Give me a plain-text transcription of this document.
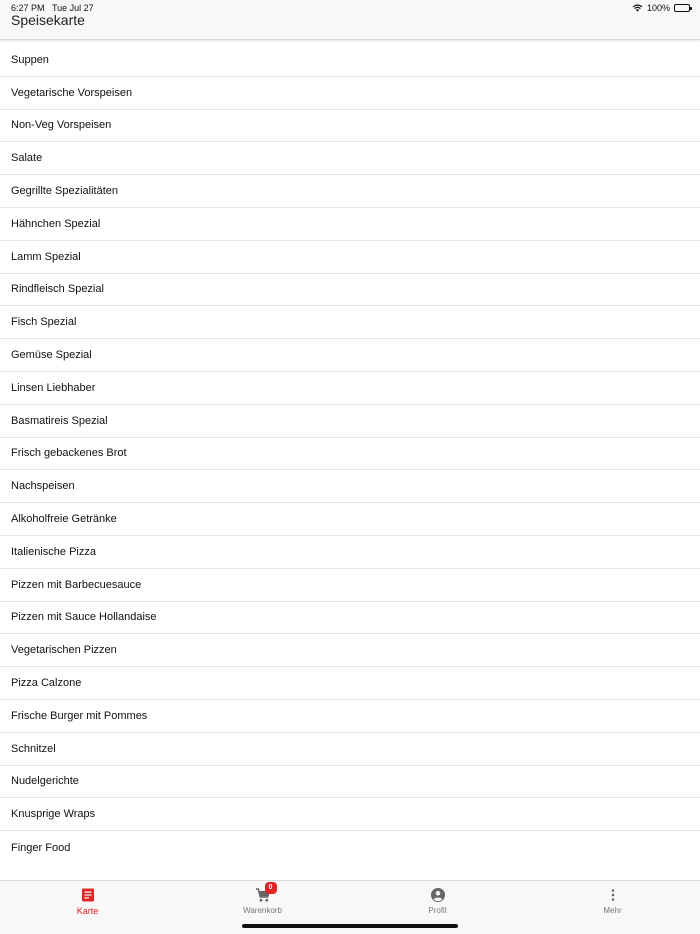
Speisekarte
6:27 PM Tue Jul 27	100%
Suppen
Vegetarische Vorspeisen
Non-Veg Vorspeisen
Salate
Gegrillte Spezialitäten
Hähnchen Spezial
Lamm Spezial
Rindfleisch Spezial
Fisch Spezial
Gemüse Spezial
Linsen Liebhaber
Basmatireis Spezial
Frisch gebackenes Brot
Nachspeisen
Alkoholfreie Getränke
Italienische Pizza
Pizzen mit Barbecuesauce
Pizzen mit Sauce Hollandaise
Vegetarischen Pizzen
Pizza Calzone
Frische Burger mit Pommes
Schnitzel
Nudelgerichte
Knusprige Wraps
Finger Food
Karte
0
Warenkorb	Profil	Mehr
